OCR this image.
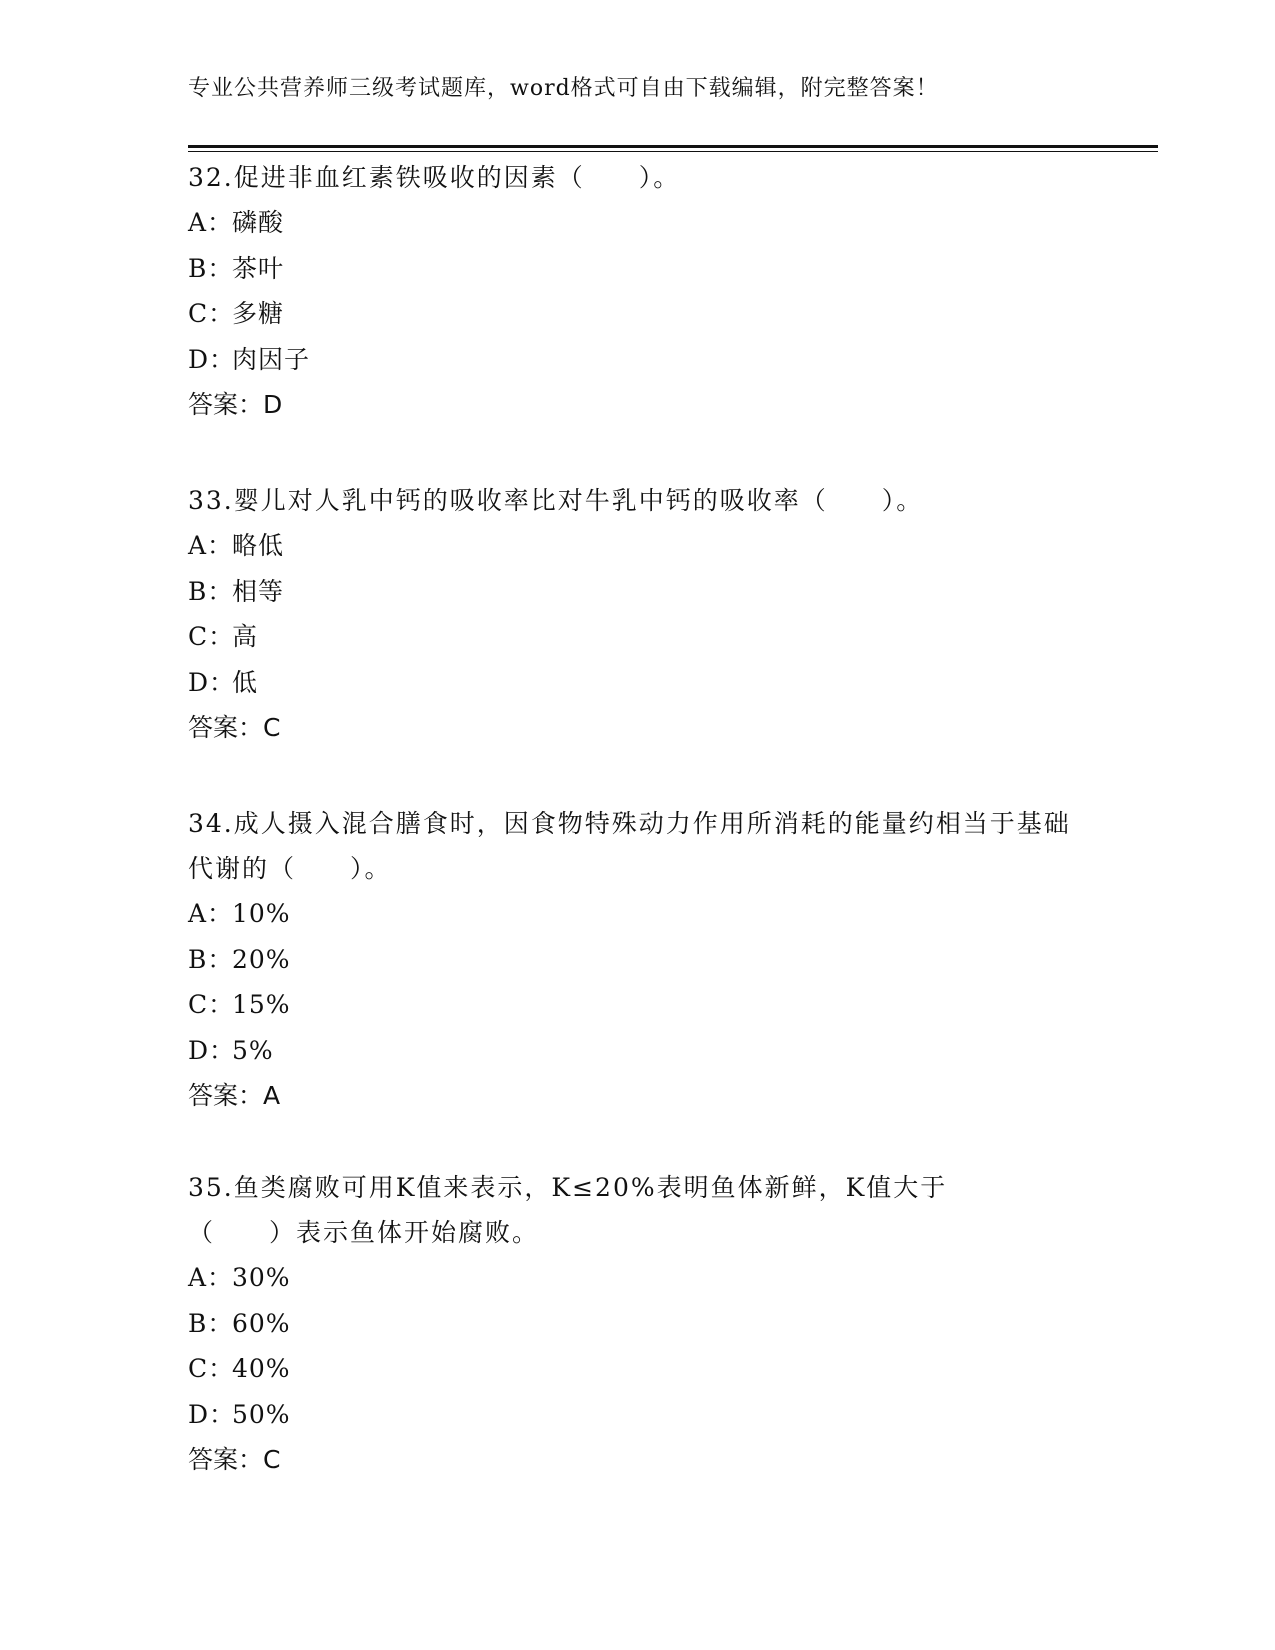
专业公共营养师三级考试题库，word格式可自由下载编辑，附完整答案！

32.促进非血红素铁吸收的因素（　　）。

A：磷酸

B：茶叶

C：多糖

D：肉因子

答案：D

33.婴儿对人乳中钙的吸收率比对牛乳中钙的吸收率（　　）。

A：略低

B：相等

C：高

D：低

答案：C

34.成人摄入混合膳食时，因食物特殊动力作用所消耗的能量约相当于基础代谢的（　　）。

A：10%

B：20%

C：15%

D：5%

答案：A

35.鱼类腐败可用K值来表示，K≤20%表明鱼体新鲜，K值大于（　　）表示鱼体开始腐败。

A：30%

B：60%

C：40%

D：50%

答案：C
